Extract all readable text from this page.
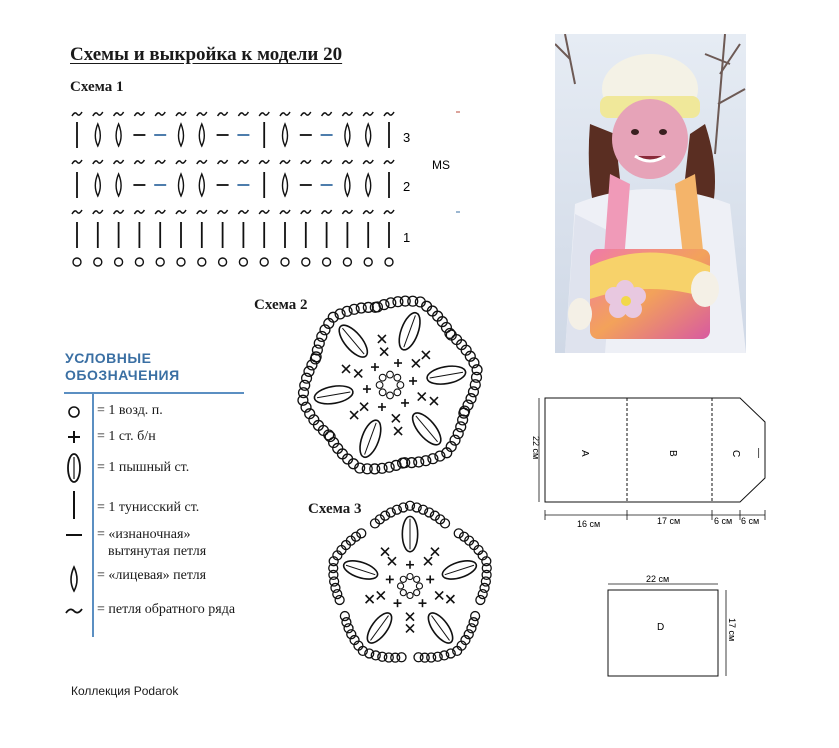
Схемы и выкройка к модели 20
Схема 1
3
2
1
MS
УСЛОВНЫЕ
ОБОЗНАЧЕНИЯ
= 1 возд. п.
= 1 ст. б/н
= 1 пышный ст.
= 1 тунисский ст.
= «изнаночная»
вытянутая петля
= «лицевая» петля
= петля обратного ряда
Схема 2
Схема 3
16 см	17 см	6 см 6 см
22 см	A	B	C —
22 см
17 см
D
Коллекция Podarok
